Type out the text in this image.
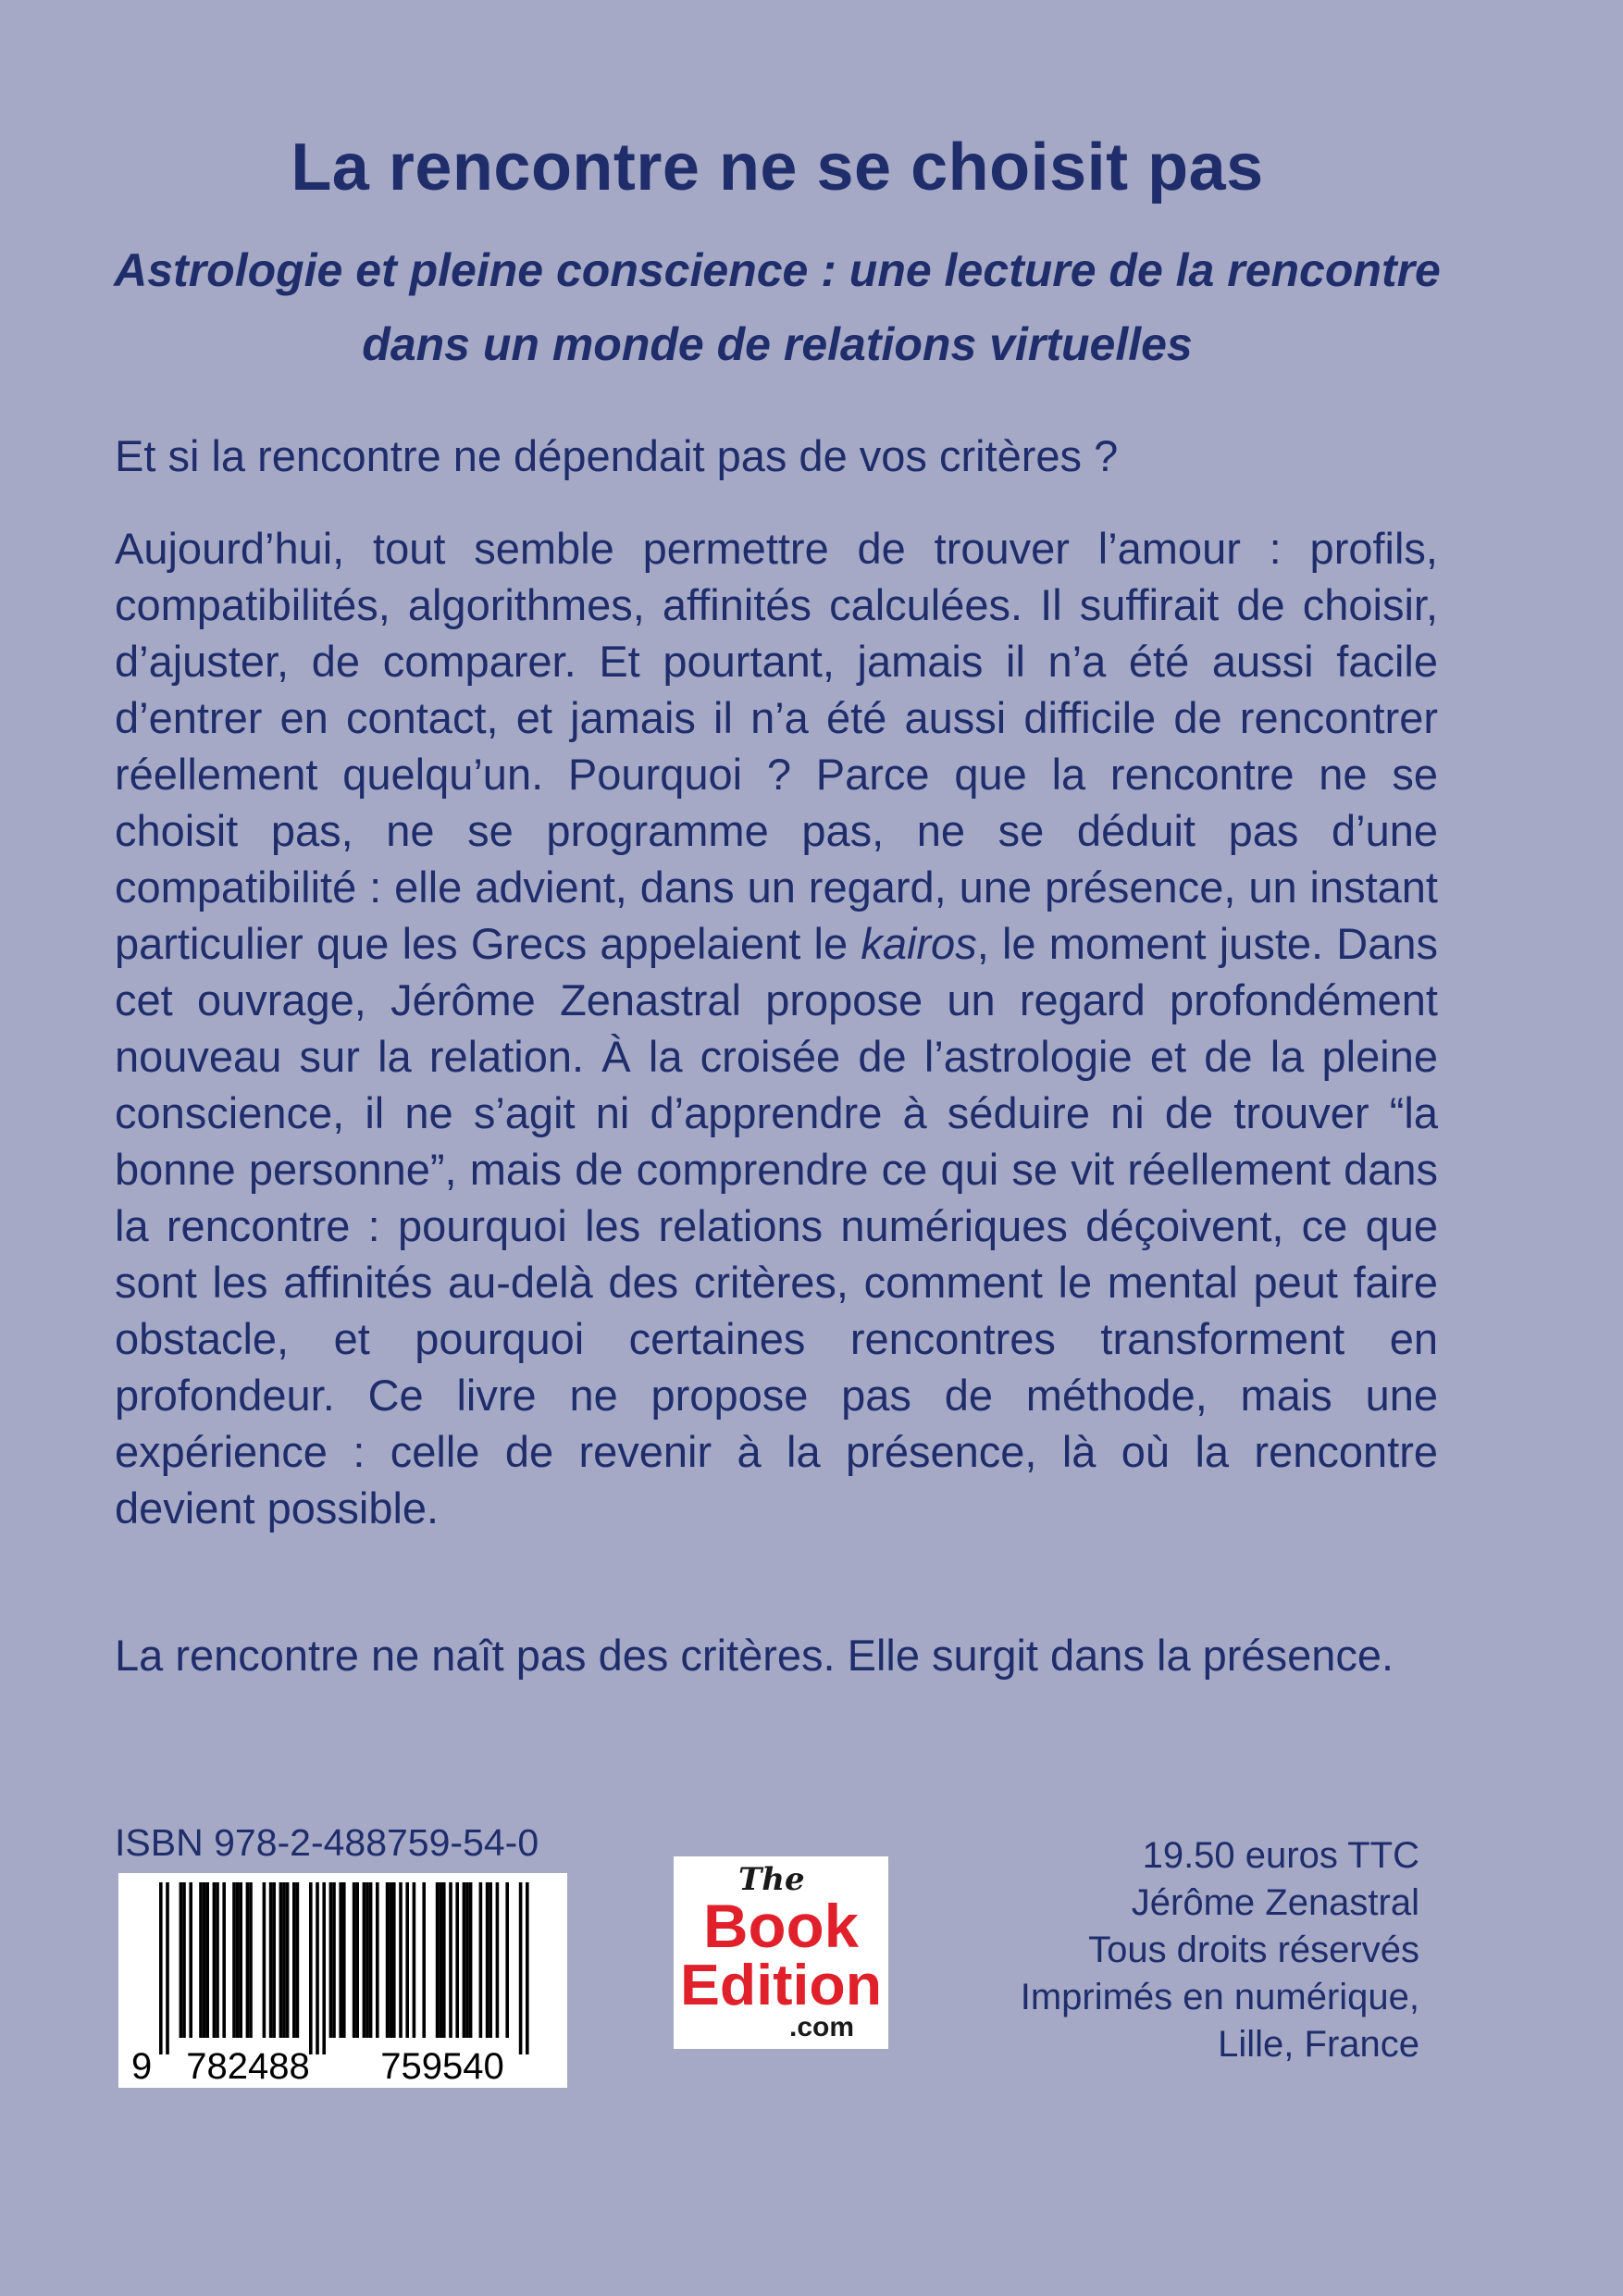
La rencontre ne se choisit pas
Astrologie et pleine conscience : une lecture de la rencontre
dans un monde de relations virtuelles

Et si la rencontre ne dépendait pas de vos critères ?

Aujourd’hui, tout semble permettre de trouver l’amour : profils, compatibilités, algorithmes, affinités calculées. Il suffirait de choisir, d’ajuster, de comparer. Et pourtant, jamais il n’a été aussi facile d’entrer en contact, et jamais il n’a été aussi difficile de rencontrer réellement quelqu’un. Pourquoi ? Parce que la rencontre ne se choisit pas, ne se programme pas, ne se déduit pas d’une compatibilité : elle advient, dans un regard, une présence, un instant particulier que les Grecs appelaient le kairos, le moment juste. Dans cet ouvrage, Jérôme Zenastral propose un regard profondément nouveau sur la relation. À la croisée de l’astrologie et de la pleine conscience, il ne s’agit ni d’apprendre à séduire ni de trouver “la bonne personne”, mais de comprendre ce qui se vit réellement dans la rencontre : pourquoi les relations numériques déçoivent, ce que sont les affinités au-delà des critères, comment le mental peut faire obstacle, et pourquoi certaines rencontres transforment en profondeur. Ce livre ne propose pas de méthode, mais une expérience : celle de revenir à la présence, là où la rencontre devient possible.

La rencontre ne naît pas des critères. Elle surgit dans la présence.

ISBN 978-2-488759-54-0
9 782488 759540
The
Book
Edition
.com
19.50 euros TTC
Jérôme Zenastral
Tous droits réservés
Imprimés en numérique,
Lille, France
